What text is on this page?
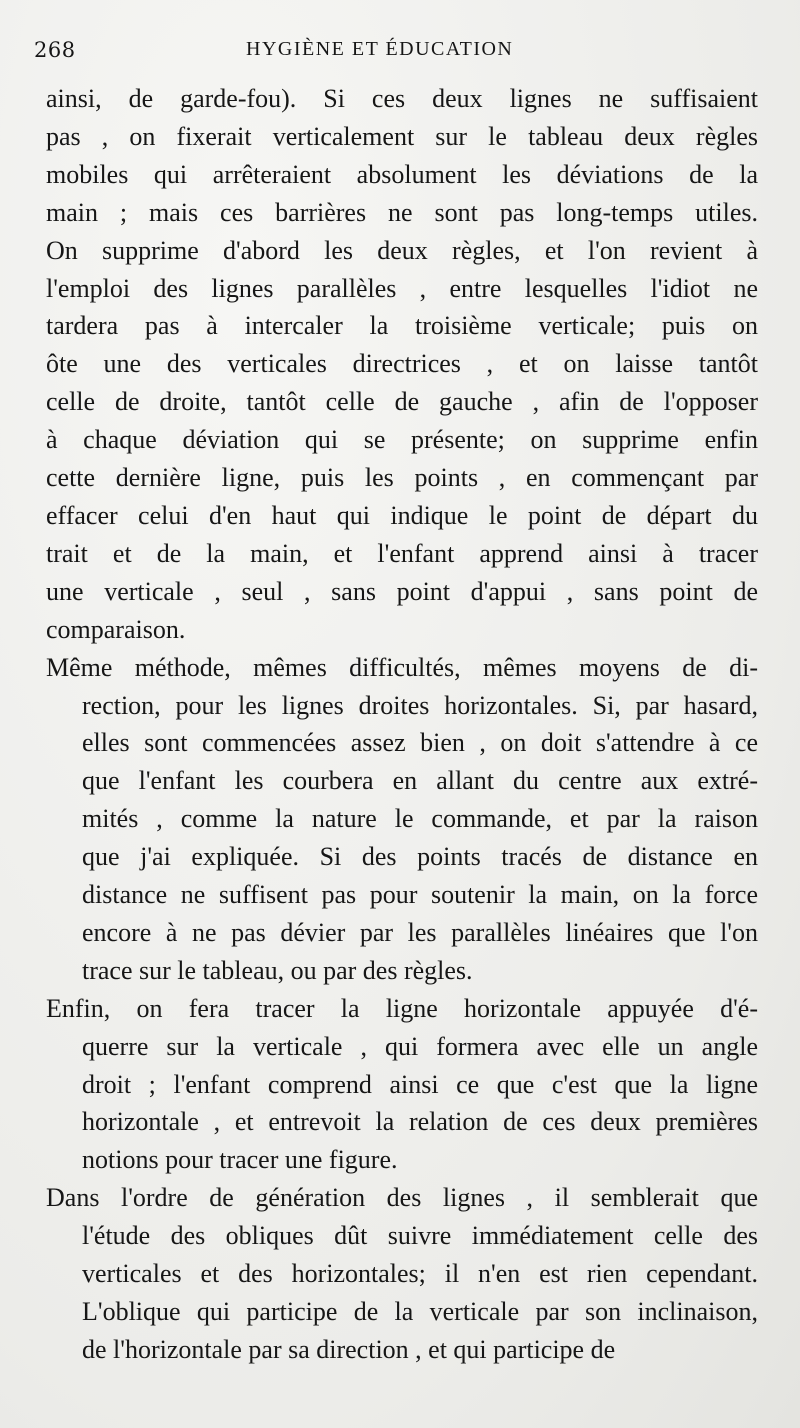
268	HYGIÈNE ET ÉDUCATION

ainsi, de garde-fou). Si ces deux lignes ne suffisaient
pas , on fixerait verticalement sur le tableau deux règles
mobiles qui arrêteraient absolument les déviations de la
main ; mais ces barrières ne sont pas long-temps utiles.
On supprime d'abord les deux règles, et l'on revient à
l'emploi des lignes parallèles , entre lesquelles l'idiot ne
tardera pas à intercaler la troisième verticale; puis on
ôte une des verticales directrices , et on laisse tantôt
celle de droite, tantôt celle de gauche , afin de l'opposer
à chaque déviation qui se présente; on supprime enfin
cette dernière ligne, puis les points , en commençant par
effacer celui d'en haut qui indique le point de départ du
trait et de la main, et l'enfant apprend ainsi à tracer
une verticale , seul , sans point d'appui , sans point de
comparaison.

Même méthode, mêmes difficultés, mêmes moyens de di-
rection, pour les lignes droites horizontales. Si, par hasard,
elles sont commencées assez bien , on doit s'attendre à ce
que l'enfant les courbera en allant du centre aux extré-
mités , comme la nature le commande, et par la raison
que j'ai expliquée. Si des points tracés de distance en
distance ne suffisent pas pour soutenir la main, on la force
encore à ne pas dévier par les parallèles linéaires que l'on
trace sur le tableau, ou par des règles.

Enfin, on fera tracer la ligne horizontale appuyée d'é-
querre sur la verticale , qui formera avec elle un angle
droit ; l'enfant comprend ainsi ce que c'est que la ligne
horizontale , et entrevoit la relation de ces deux premières
notions pour tracer une figure.

Dans l'ordre de génération des lignes , il semblerait que
l'étude des obliques dût suivre immédiatement celle des
verticales et des horizontales; il n'en est rien cependant.
L'oblique qui participe de la verticale par son inclinaison,
de l'horizontale par sa direction , et qui participe de
